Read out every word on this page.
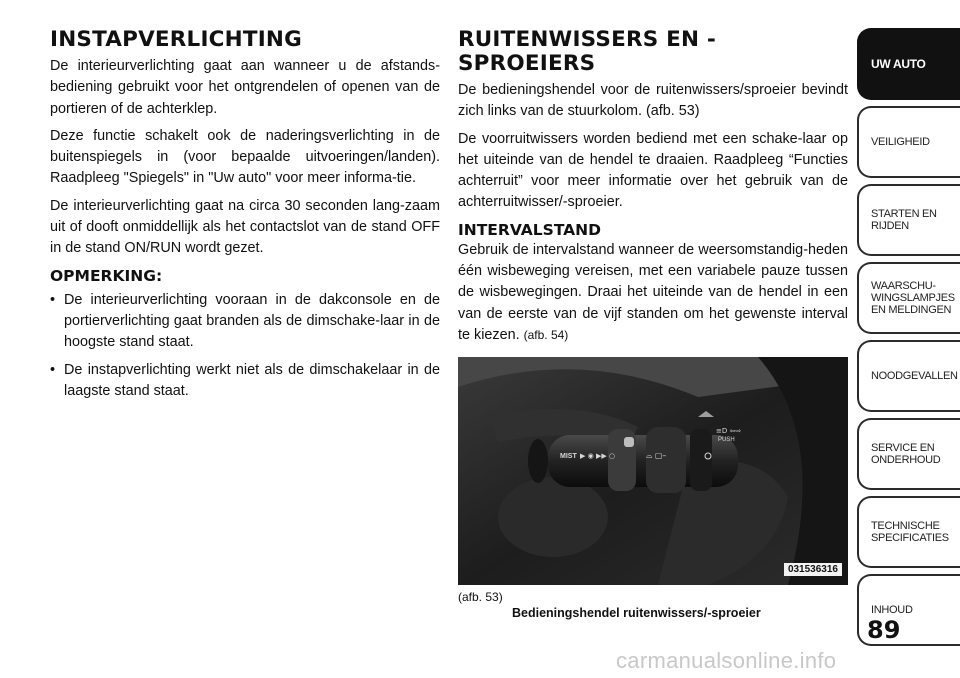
INSTAPVERLICHTING

De interieurverlichting gaat aan wanneer u de afstands-bediening gebruikt voor het ontgrendelen of openen van de portieren of de achterklep.

Deze functie schakelt ook de naderingsverlichting in de buitenspiegels in (voor bepaalde uitvoeringen/landen). Raadpleeg "Spiegels" in "Uw auto" voor meer informa-tie.

De interieurverlichting gaat na circa 30 seconden lang-zaam uit of dooft onmiddellijk als het contactslot van de stand OFF in de stand ON/RUN wordt gezet.

OPMERKING:
• De interieurverlichting vooraan in de dakconsole en de portierverlichting gaat branden als de dimschake-laar in de hoogste stand staat.
• De instapverlichting werkt niet als de dimschakelaar in de laagste stand staat.
RUITENWISSERS EN -SPROEIERS

De bedieningshendel voor de ruitenwissers/sproeier bevindt zich links van de stuurkolom. (afb. 53)

De voorruitwissers worden bediend met een schake-laar op het uiteinde van de hendel te draaien. Raadpleeg “Functies achterruit” voor meer informatie over het gebruik van de achterruitwisser/-sproeier.

INTERVALSTAND

Gebruik de intervalstand wanneer de weersomstandig-heden één wisbeweging vereisen, met een variabele pauze tussen de wisbewegingen. Draai het uiteinde van de hendel in een van de eerste van de vijf standen om het gewenste interval te kiezen. (afb. 54)

MIST ▶ ◉ ▶▶ ○	⌓ ▢–
≡D ⇦⇨
PUSH
031536316
(afb. 53)
Bedieningshendel ruitenwissers/-sproeier
UW AUTO
VEILIGHEID
STARTEN EN
RIJDEN
WAARSCHU-
WINGSLAMPJES
EN MELDINGEN
NOODGEVALLEN
SERVICE EN
ONDERHOUD
TECHNISCHE
SPECIFICATIES
INHOUD
89
carmanualsonline.info
